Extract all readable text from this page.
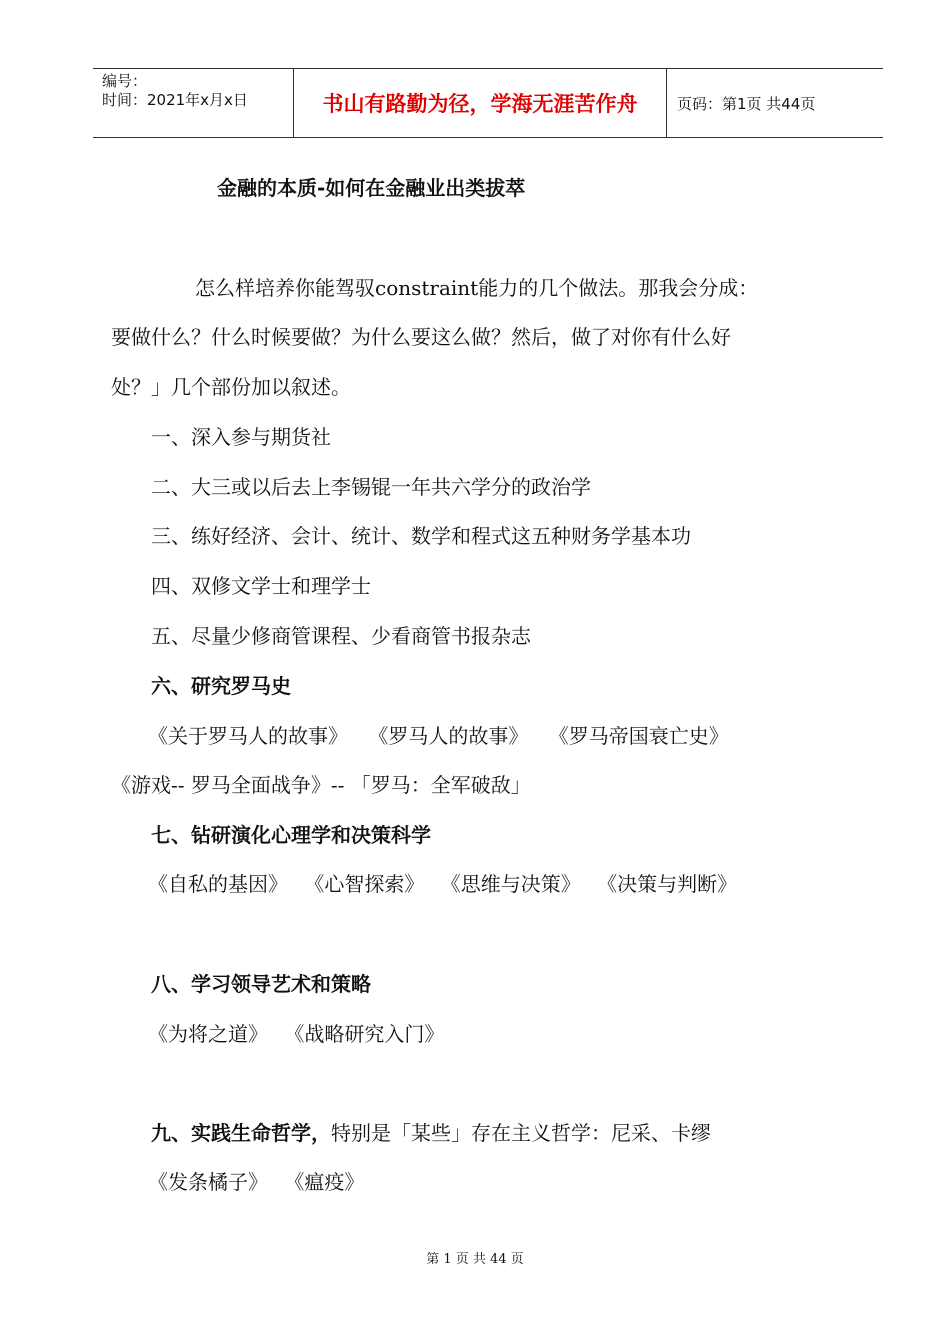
编号：
时间：2021年x月x日	书山有路勤为径，学海无涯苦作舟	页码：第1页 共44页
金融的本质-如何在金融业出类拔萃
怎么样培养你能驾驭constraint能力的几个做法。那我会分成：
要做什么？什么时候要做？为什么要这么做？然后，做了对你有什么好
处？」几个部份加以叙述。
一、深入参与期货社
二、大三或以后去上李锡锟一年共六学分的政治学
三、练好经济、会计、统计、数学和程式这五种财务学基本功
四、双修文学士和理学士
五、尽量少修商管课程、少看商管书报杂志
六、研究罗马史
《关于罗马人的故事》 《罗马人的故事》 《罗马帝国衰亡史》
《游戏-- 罗马全面战争》-- 「罗马：全军破敌」
七、钻研演化心理学和决策科学
《自私的基因》 《心智探索》 《思维与决策》 《决策与判断》
八、学习领导艺术和策略
《为将之道》 《战略研究入门》
九、实践生命哲学，特别是「某些」存在主义哲学：尼采、卡缪
《发条橘子》 《瘟疫》
第 1 页 共 44 页
